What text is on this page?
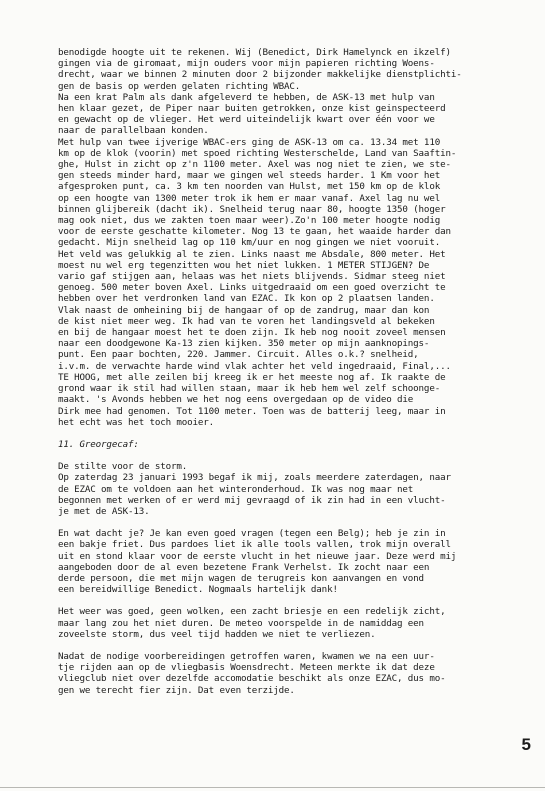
benodigde hoogte uit te rekenen. Wij (Benedict, Dirk Hamelynck en ikzelf)

gingen via de giromaat, mijn ouders voor mijn papieren richting Woens-

drecht, waar we binnen 2 minuten door 2 bijzonder makkelijke dienstplichti-

gen de basis op werden gelaten richting WBAC.

Na een krat Palm als dank afgeleverd te hebben, de ASK-13 met hulp van

hen klaar gezet, de Piper naar buiten getrokken, onze kist geinspecteerd

en gewacht op de vlieger. Het werd uiteindelijk kwart over één voor we

naar de parallelbaan konden.

Met hulp van twee ijverige WBAC-ers ging de ASK-13 om ca. 13.34 met 110

km op de klok (voorin) met spoed richting Westerschelde, Land van Saaftin-

ghe, Hulst in zicht op z'n 1100 meter. Axel was nog niet te zien, we ste-

gen steeds minder hard, maar we gingen wel steeds harder. 1 Km voor het

afgesproken punt, ca. 3 km ten noorden van Hulst, met 150 km op de klok

op een hoogte van 1300 meter trok ik hem er maar vanaf. Axel lag nu wel

binnen glijbereik (dacht ik). Snelheid terug naar 80, hoogte 1350 (hoger

mag ook niet, dus we zakten toen maar weer).Zo'n 100 meter hoogte nodig

voor de eerste geschatte kilometer. Nog 13 te gaan, het waaide harder dan

gedacht. Mijn snelheid lag op 110 km/uur en nog gingen we niet vooruit.

Het veld was gelukkig al te zien. Links naast me Absdale, 800 meter. Het

moest nu wel erg tegenzitten wou het niet lukken. 1 METER STIJGEN? De

vario gaf stijgen aan, helaas was het niets blijvends. Sidmar steeg niet

genoeg. 500 meter boven Axel. Links uitgedraaid om een goed overzicht te

hebben over het verdronken land van EZAC. Ik kon op 2 plaatsen landen.

Vlak naast de omheining bij de hangaar of op de zandrug, maar dan kon

de kist niet meer weg. Ik had van te voren het landingsveld al bekeken

en bij de hangaar moest het te doen zijn. Ik heb nog nooit zoveel mensen

naar een doodgewone Ka-13 zien kijken. 350 meter op mijn aanknopings-

punt. Een paar bochten, 220. Jammer. Circuit. Alles o.k.? snelheid,

i.v.m. de verwachte harde wind vlak achter het veld ingedraaid, Final,...

TE HOOG, met alle zeilen bij kreeg ik er het meeste nog af. Ik raakte de

grond waar ik stil had willen staan, maar ik heb hem wel zelf schoonge-

maakt. 's Avonds hebben we het nog eens overgedaan op de video die

Dirk mee had genomen. Tot 1100 meter. Toen was de batterij leeg, maar in

het echt was het toch mooier.

11. Greorgecaf:

De stilte voor de storm.

Op zaterdag 23 januari 1993 begaf ik mij, zoals meerdere zaterdagen, naar

de EZAC om te voldoen aan het winteronderhoud. Ik was nog maar net

begonnen met werken of er werd mij gevraagd of ik zin had in een vlucht-

je met de ASK-13.

En wat dacht je? Je kan even goed vragen (tegen een Belg); heb je zin in

een bakje friet. Dus pardoes liet ik alle tools vallen, trok mijn overall

uit en stond klaar voor de eerste vlucht in het nieuwe jaar. Deze werd mij

aangeboden door de al even bezetene Frank Verhelst. Ik zocht naar een

derde persoon, die met mijn wagen de terugreis kon aanvangen en vond

een bereidwillige Benedict. Nogmaals hartelijk dank!

Het weer was goed, geen wolken, een zacht briesje en een redelijk zicht,

maar lang zou het niet duren. De meteo voorspelde in de namiddag een

zoveelste storm, dus veel tijd hadden we niet te verliezen.

Nadat de nodige voorbereidingen getroffen waren, kwamen we na een uur-

tje rijden aan op de vliegbasis Woensdrecht. Meteen merkte ik dat deze

vliegclub niet over dezelfde accomodatie beschikt als onze EZAC, dus mo-

gen we terecht fier zijn. Dat even terzijde.

5
